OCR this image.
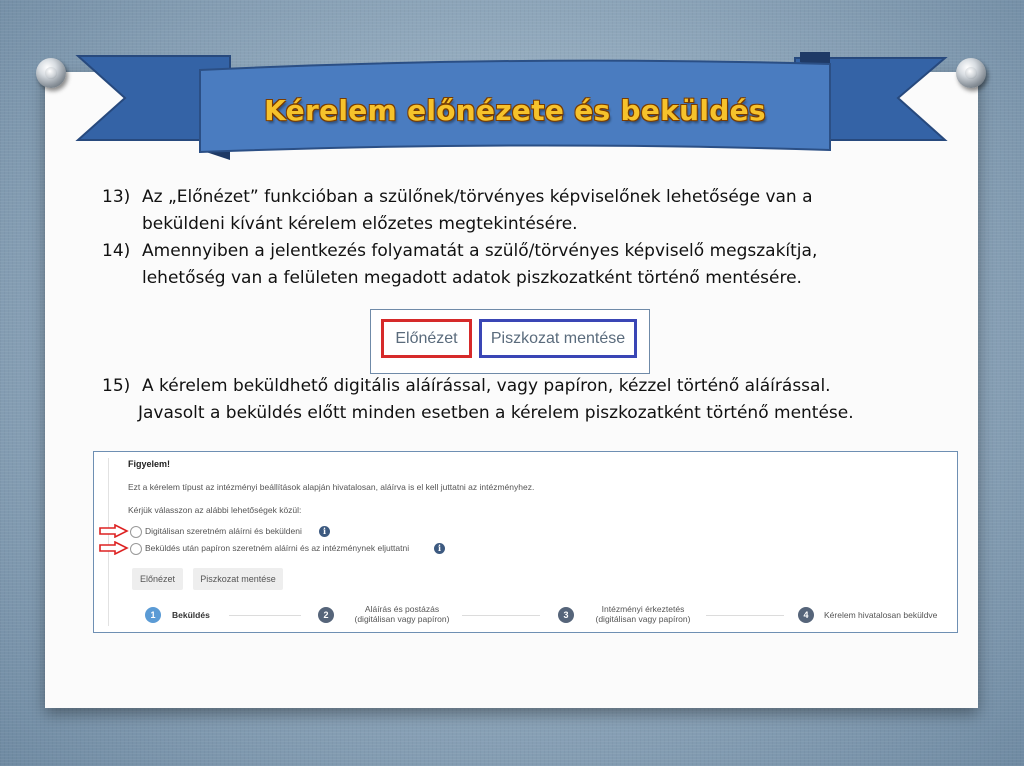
Kérelem előnézete és beküldés
13) Az „Előnézet” funkcióban a szülőnek/törvényes képviselőnek lehetősége van a
beküldeni kívánt kérelem előzetes megtekintésére.
14) Amennyiben a jelentkezés folyamatát a szülő/törvényes képviselő megszakítja,
lehetőség van a felületen megadott adatok piszkozatként történő mentésére.
15) A kérelem beküldhető digitális aláírással, vagy papíron, kézzel történő aláírással.
Javasolt a beküldés előtt minden esetben a kérelem piszkozatként történő mentése.
Előnézet	Piszkozat mentése
Figyelem!
Ezt a kérelem típust az intézményi beállítások alapján hivatalosan, aláírva is el kell juttatni az intézményhez.
Kérjük válasszon az alábbi lehetőségek közül:
Digitálisan szeretném aláírni és beküldeni	i
Beküldés után papíron szeretném aláírni és az intézménynek eljuttatni	i
Előnézet	Piszkozat mentése
1	Beküldés	2
Aláírás és postázás
(digitálisan vagy papíron)	3
Intézményi érkeztetés
(digitálisan vagy papíron)	4	Kérelem hivatalosan beküldve
